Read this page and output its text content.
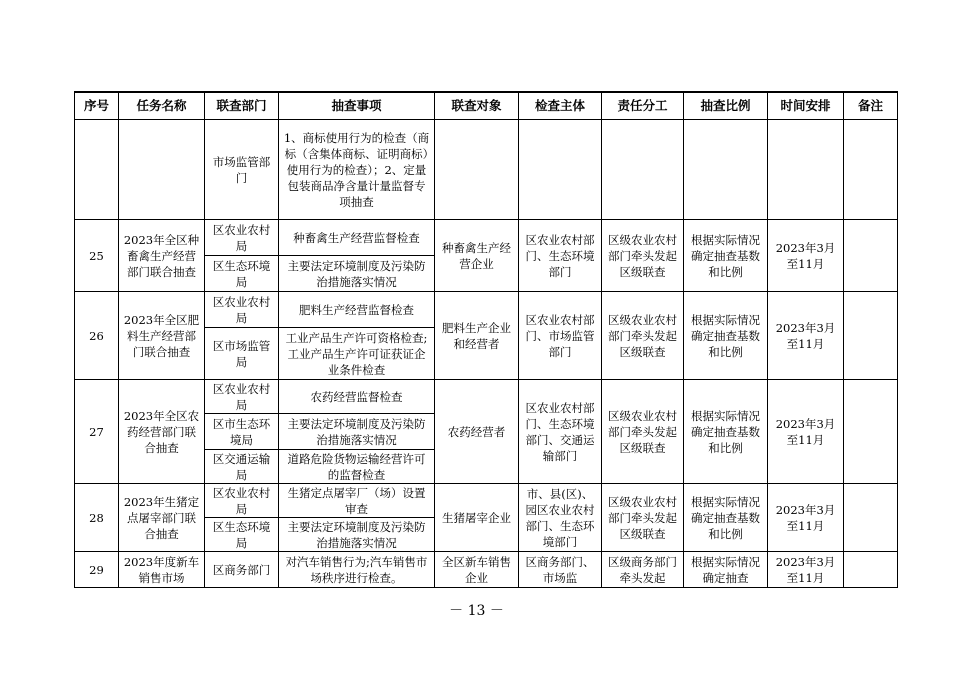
序号	任务名称	联查部门	抽查事项	联查对象	检查主体	责任分工	抽查比例	时间安排	备注
		市场监管部门	1、商标使用行为的检查（商标（含集体商标、证明商标）使用行为的检查）；2、定量包装商品净含量计量监督专项抽查						
25	2023年全区种畜禽生产经营部门联合抽查	区农业农村局	种畜禽生产经营监督检查	种畜禽生产经营企业	区农业农村部门、生态环境部门	区级农业农村部门牵头发起区级联查	根据实际情况确定抽查基数和比例	2023年3月至11月	
		区生态环境局	主要法定环境制度及污染防治措施落实情况						
26	2023年全区肥料生产经营部门联合抽查	区农业农村局	肥料生产经营监督检查	肥料生产企业和经营者	区农业农村部门、市场监管部门	区级农业农村部门牵头发起区级联查	根据实际情况确定抽查基数和比例	2023年3月至11月	
		区市场监管局	工业产品生产许可资格检查;工业产品生产许可证获证企业条件检查						
27	2023年全区农药经营部门联合抽查	区农业农村局	农药经营监督检查	农药经营者	区农业农村部门、生态环境部门、交通运输部门	区级农业农村部门牵头发起区级联查	根据实际情况确定抽查基数和比例	2023年3月至11月	
		区市生态环境局	主要法定环境制度及污染防治措施落实情况						
		区交通运输局	道路危险货物运输经营许可的监督检查						
28	2023年生猪定点屠宰部门联合抽查	区农业农村局	生猪定点屠宰厂（场）设置审查	生猪屠宰企业	市、县(区)、园区农业农村部门、生态环境部门	区级农业农村部门牵头发起区级联查	根据实际情况确定抽查基数和比例	2023年3月至11月	
		区生态环境局	主要法定环境制度及污染防治措施落实情况						
29	2023年度新车销售市场	区商务部门	对汽车销售行为;汽车销售市场秩序进行检查。	全区新车销售企业	区商务部门、市场监	区级商务部门牵头发起	根据实际情况确定抽查	2023年3月至11月	
－ 13 －
